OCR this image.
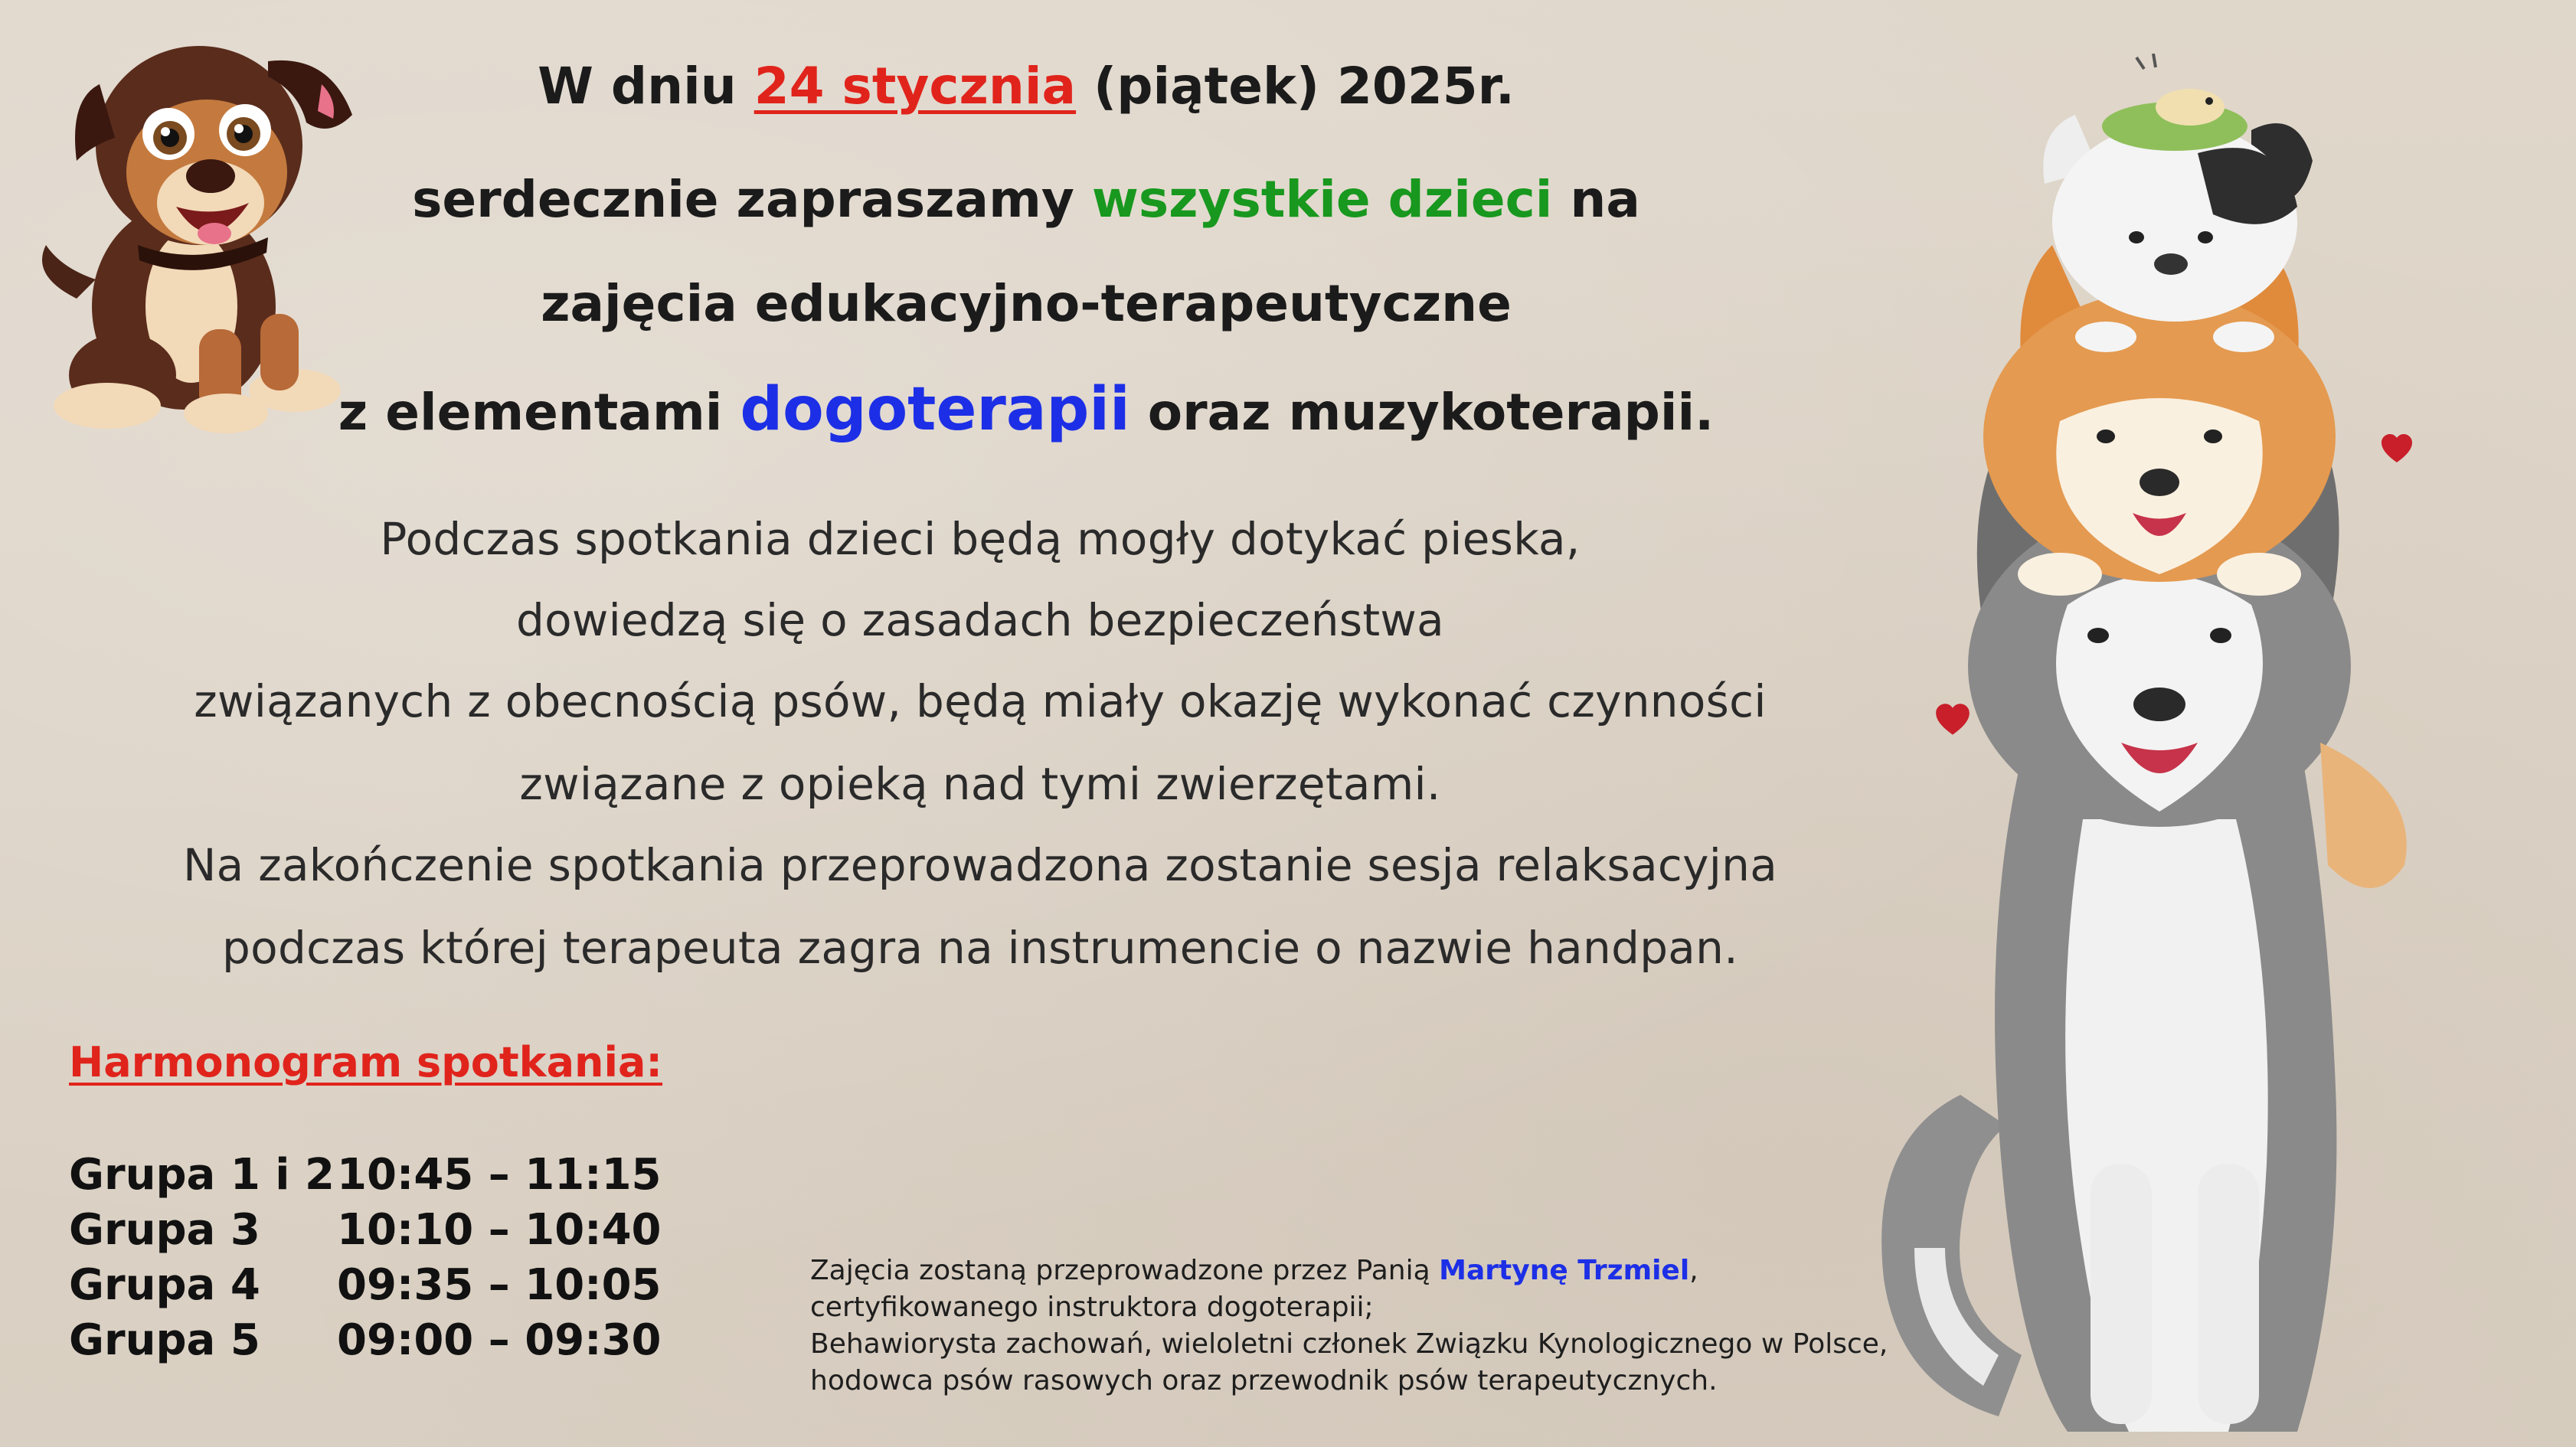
W dniu 24 stycznia (piątek) 2025r.
serdecznie zapraszamy wszystkie dzieci na
zajęcia edukacyjno-terapeutyczne
z elementami dogoterapii oraz muzykoterapii.
Podczas spotkania dzieci będą mogły dotykać pieska,
dowiedzą się o zasadach bezpieczeństwa
związanych z obecnością psów, będą miały okazję wykonać czynności
związane z opieką nad tymi zwierzętami.
Na zakończenie spotkania przeprowadzona zostanie sesja relaksacyjna
podczas której terapeuta zagra na instrumencie o nazwie handpan.
Harmonogram spotkania:
Grupa 1 i 210:45 – 11:15
Grupa 3 10:10 – 10:40
Grupa 4 09:35 – 10:05
Grupa 5 09:00 – 09:30
Zajęcia zostaną przeprowadzone przez Panią Martynę Trzmiel,
certyfikowanego instruktora dogoterapii;
Behawiorysta zachowań, wieloletni członek Związku Kynologicznego w Polsce,
hodowca psów rasowych oraz przewodnik psów terapeutycznych.
